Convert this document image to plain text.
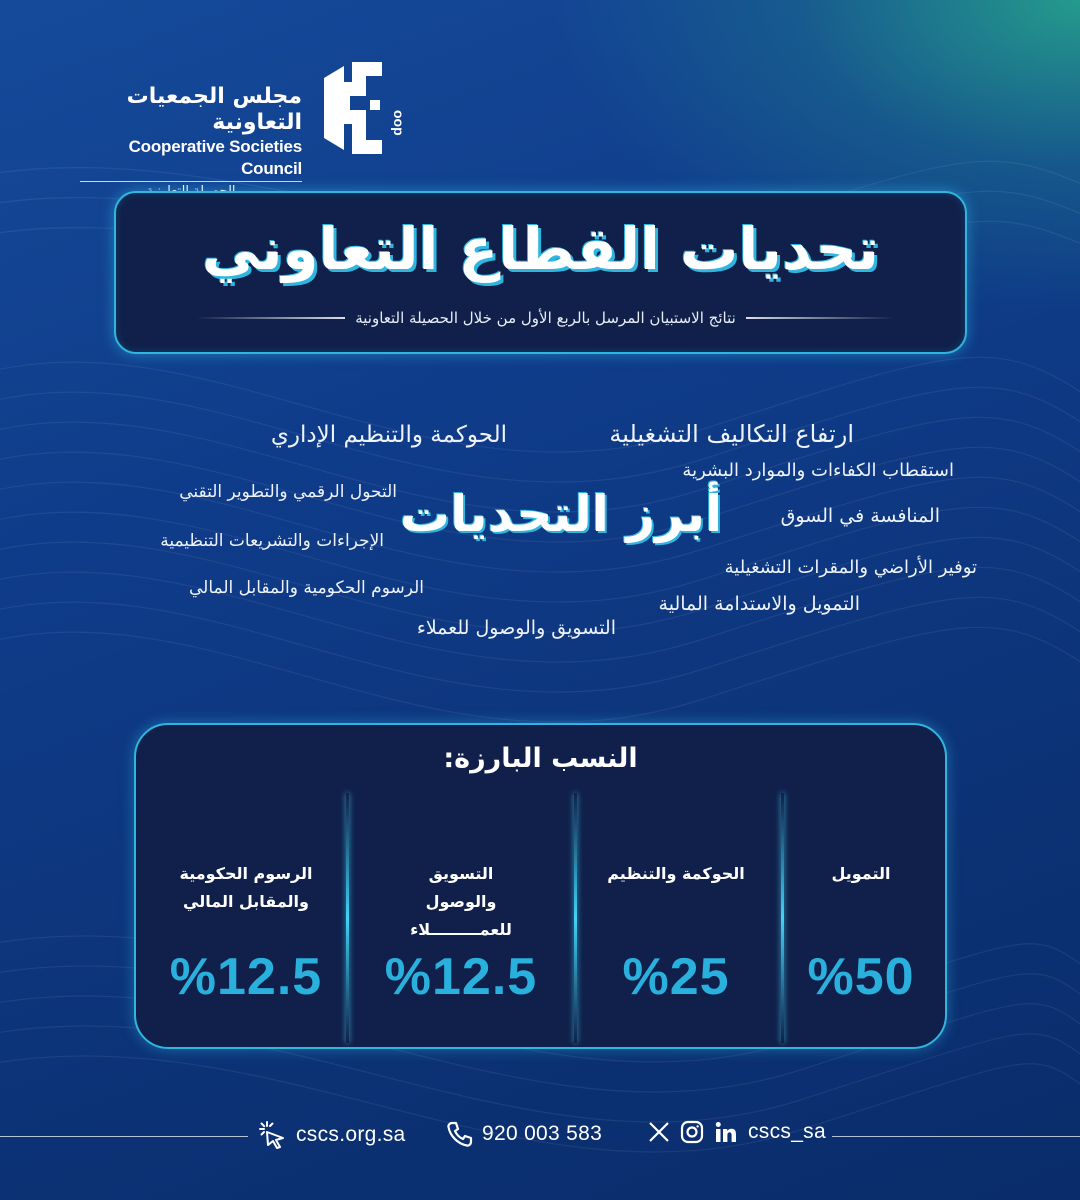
مجلس الجمعيات التعاونية
Cooperative Societies Council
oop
تحديات القطاع التعاوني
نتائج الاستبيان المرسل بالربع الأول من خلال الحصيلة التعاونية
ارتفاع التكاليف التشغيلية
الحوكمة والتنظيم الإداري
استقطاب الكفاءات والموارد البشرية
التحول الرقمي والتطوير التقني
المنافسة في السوق
الإجراءات والتشريعات التنظيمية
توفير الأراضي والمقرات التشغيلية
الرسوم الحكومية والمقابل المالي
التمويل والاستدامة المالية
التسويق والوصول للعملاء
أبرز التحديات
النسب البارزة:
التمويل
%50
الحوكمة والتنظيم
%25
التسويق والوصول للعمـــــــــلاء
%12.5
الرسوم الحكومية والمقابل المالي
%12.5
cscs.org.sa	920 003 583	cscs_sa
